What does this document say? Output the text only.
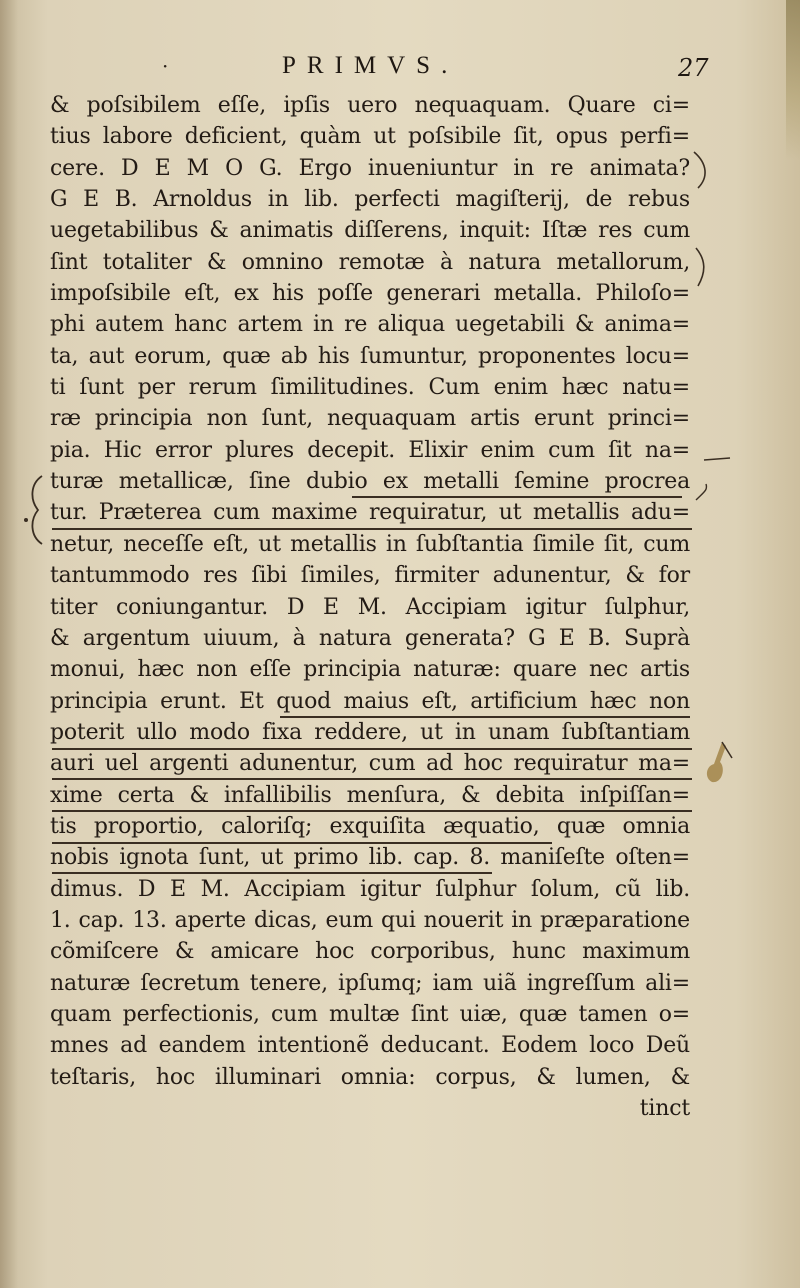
·	PRIMVS.	27
& poſsibilem eſſe, ipſis uero nequaquam. Quare ci=
tius labore deficient, quàm ut poſsibile ſit, opus perfi=
cere. D E M O G. Ergo inueniuntur in re animata?
G E B. Arnoldus in lib. perfecti magiſterij, de rebus
uegetabilibus & animatis diſſerens, inquit: Iſtæ res cum
ſint totaliter & omnino remotæ à natura metallorum,
impoſsibile eſt, ex his poſſe generari metalla. Philoſo=
phi autem hanc artem in re aliqua uegetabili & anima=
ta, aut eorum, quæ ab his ſumuntur, proponentes locu=
ti ſunt per rerum ſimilitudines. Cum enim hæc natu=
ræ principia non ſunt, nequaquam artis erunt princi=
pia. Hic error plures decepit. Elixir enim cum ſit na=
turæ metallicæ, ſine dubio ex metalli ſemine procrea
tur. Præterea cum maxime requiratur, ut metallis adu=
netur, neceſſe eſt, ut metallis in ſubſtantia ſimile ſit, cum
tantummodo res ſibi ſimiles, firmiter adunentur, & for
titer coniungantur. D E M. Accipiam igitur ſulphur,
& argentum uiuum, à natura generata? G E B. Suprà
monui, hæc non eſſe principia naturæ: quare nec artis
principia erunt. Et quod maius eſt, artificium hæc non
poterit ullo modo fixa reddere, ut in unam ſubſtantiam
auri uel argenti adunentur, cum ad hoc requiratur ma=
xime certa & infallibilis menſura, & debita inſpiſſan=
tis proportio, caloriſq; exquiſita æquatio, quæ omnia
nobis ignota ſunt, ut primo lib. cap. 8. maniſeſte oſten=
dimus. D E M. Accipiam igitur ſulphur ſolum, cũ lib.
1. cap. 13. aperte dicas, eum qui nouerit in præparatione
cõmiſcere & amicare hoc corporibus, hunc maximum
naturæ ſecretum tenere, ipſumq; iam uiã ingreſſum ali=
quam perfectionis, cum multæ ſint uiæ, quæ tamen o=
mnes ad eandem intentionẽ deducant. Eodem loco Deũ
teſtaris, hoc illuminari omnia: corpus, & lumen, &
tinct
